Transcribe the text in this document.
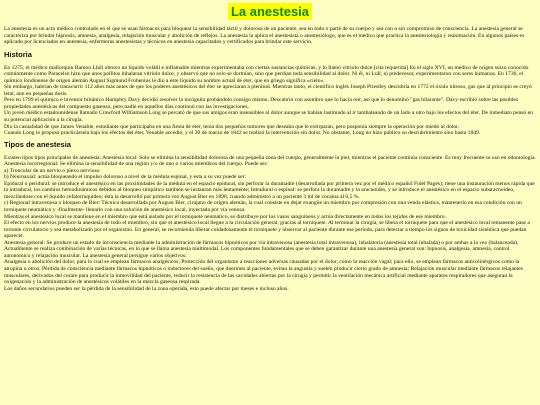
La anestesia

La anestesia es un acto médico controlado en el que se usan fármacos para bloquear la sensibilidad táctil y dolorosa de un paciente, sea en todo o parte de su cuerpo y sea con o sin compromiso de consciencia. La anestesia general se caracteriza por brindar hipnosis, amnesia, analgesia, relajación muscular y abolición de reflejos. La anestesia la aplica el anestesista o anestesiólogo, que es el médico que practica la anestesiología y reanimación. En algunos países es aplicado por licenciados en anestesia, enfermeras anestesistas y técnicos en anestesia capacitados y certificados para brindar este servicio.

Historia

En 1275, el médico mallorquín Ramon Llull obtuvo un líquido volátil e inflamable mientras experimentaba con ciertas sustancias químicas, y lo llamó vitriolo dulce.[cita requerida] En el siglo XVI, un médico de origen suizo conocido comúnmente como Paracelso hizo que unos pollitos inhalaran vitriolo dulce, y observó que no solo se dormían, sino que perdían toda sensibilidad al dolor. Ni él, ni Lull, ni predecesor, experimentaron con seres humanos. En 1730, el químico londinense de origen alemán August Sigmund Frobenius le dio a este líquido su nombre actual de éter, que en griego significa «cielo».

Sin embargo, habrían de transcurrir 112 años más antes de que los poderes anestésicos del éter se apreciaran a plenitud. Mientras tanto, el científico inglés Joseph Priestley descubría en 1772 el óxido nitroso, gas que al principio se creyó letal, aun en pequeñas dosis.

Pero en 1799 el químico e inventor británico Humphry Davy decidió resolver la incógnita probándolo consigo mismo. Descubrió con asombro que lo hacía reír, así que lo denominó "gas hilarante". Davy escribió sobre las posibles propiedades anestésicas del compuesto gaseoso, pero nadie en aquellos días continuó con las investigaciones.

Un joven médico estadounidense llamado Crawford Williamson Long se percató de que sus amigos eran insensibles al dolor aunque se habían lastimado al ir tambaleando de un lado a otro bajo los efectos del éter. De inmediato pensó en su potencial aplicación a la cirugía.

Dio la casualidad de que James Venable, estudiante que participaba en una fiesta de éter, tenía dos pequeños tumores que deseaba que le extirparan, pero posponía siempre la operación por miedo al dolor.

Cuando Long le propuso practicársela bajo los efectos del éter, Venable accedió, y el 30 de marzo de 1842 se realizó la intervención sin dolor. No obstante, Long no hizo público su descubrimiento sino hasta 1849.

Tipos de anestesia

Existen tipos tipos principales de anestesia: Anestesia local: Solo se elimina la sensibilidad dolorosa de una pequeña zona del cuerpo, generalmente la piel, mientras el paciente continúa consciente. Es muy frecuente su uso en odontología.

Anestesia locorregional: Se elimina la sensibilidad de una región y/o de uno o varios miembros del cuerpo. Puede ser:

a) Troncular de un nervio o plexo nervioso

b) Neuroaxial: actúa bloqueando el impulso doloroso a nivel de la médula espinal, y esta a su vez puede ser:

Epidural o peridural: se introduce el anestésico en las proximidades de la médula en el espacio epidural, sin perforar la duramadre (desarrollada por primera vez por el médico español Fidel Pagés); tiene una instauración menos rápida que la intradural, los cambios hemodinámicos debidos al bloqueo simpático también se instauran más lentamente; Intradural o espinal: se perfora la duramadre y la aracnoides, y se introduce el anestésico en el espacio subaracnoideo, mezclándose con el líquido cefalorraquídeo; ésta la desarrolló por primera vez August Bier en 1898, cuando administró a un paciente 3 ml de cocaína al 0,5 %.

c) Regional intravenosa o bloqueo de Bier: Técnica desarrollada por August Bier, cirujano de origen alemán, la cual consiste en dejar exangüe un miembro por compresión con una venda elástica, mantenerlo en esa condición con un torniquete neumático y -finalmente- llenarlo con una solución de anestésico local, inyectada por vía venosa.

Mientras el anestésico local se mantiene en el miembro que está aislado por el torniquete neumático, se distribuye por los vasos sanguíneos y actúa directamente en todos los tejidos de ese miembro.

El efecto en los nervios produce la anestesia de todo el miembro, sin que el anestésico local llegue a la circulación general, gracias al torniquete. Al terminar la cirugía, se libera el torniquete para que el anestésico local remanente pase a torrente circulatorio y sea metabolizado por el organismo. En general, se recomienda liberar cuidadosamente el torniquete y observar al paciente durante ese período, para detectar a tiempo los signos de toxicidad sistémica que puedan aparecer.

Anestesia general: Se produce un estado de inconsciencia mediante la administración de fármacos hipnóticos por vía intravenosa (anestesia total intravenosa), inhalatoria (anestesia total inhalada) o por ambas a la vez (balanceada).

Actualmente se realiza combinación de varias técnicas, en lo que se llama anestesia multimodal. Los componentes fundamentales que se deben garantizar durante una anestesia general son: hipnosis, analgesia, amnesia, control autonómico y relajación muscular. La anestesia general persigue varios objetivos:

Analgesia o abolición del dolor, para lo cual se emplean fármacos analgésicos; Protección del organismo a reacciones adversas causadas por el dolor, como la reacción vagal; para ello, se emplean fármacos anticolinérgicos como la atropina u otros; Pérdida de consciencia mediante fármacos hipnóticos o inductores del sueño, que duermen al paciente, evitan la angustia y suelen producir cierto grado de amnesia; Relajación muscular mediante fármacos relajantes musculares, derivados del curare para producir la inmovilidad del paciente, reducir la resistencia de las cavidades abiertas por la cirugía y permitir la ventilación mecánica artificial mediante aparatos respiradores que aseguran la oxigenación y la administración de anestésicos volátiles en la mezcla gaseosa respirada.

Los daños secundarios pueden ser la pérdida de la sensibilidad de la zona operada, esto puede afectar por meses e incluso años.
